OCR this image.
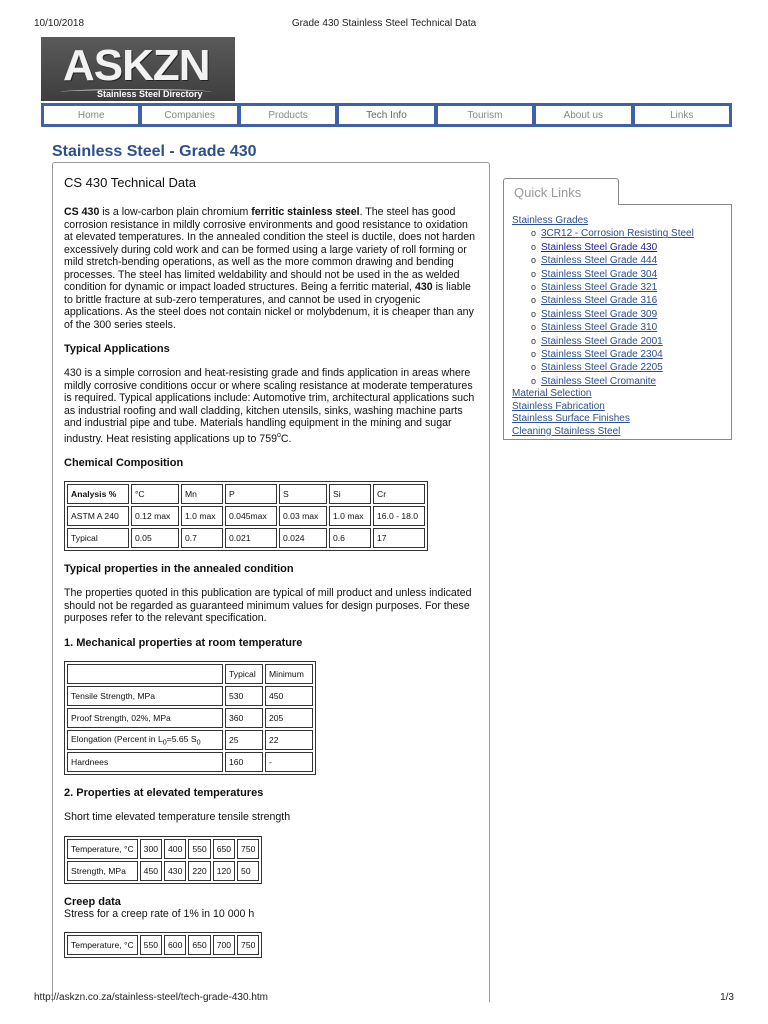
10/10/2018	Grade 430 Stainless Steel Technical Data
ASKZN
Stainless Steel Directory
Home	Companies	Products	Tech Info	Tourism	About us	Links
Stainless Steel - Grade 430
CS 430 Technical Data

CS 430 is a low-carbon plain chromium ferritic stainless steel. The steel has good corrosion resistance in mildly corrosive environments and good resistance to oxidation at elevated temperatures. In the annealed condition the steel is ductile, does not harden excessively during cold work and can be formed using a large variety of roll forming or mild stretch-bending operations, as well as the more common drawing and bending processes. The steel has limited weldability and should not be used in the as welded condition for dynamic or impact loaded structures. Being a ferritic material, 430 is liable to brittle fracture at sub-zero temperatures, and cannot be used in cryogenic applications. As the steel does not contain nickel or molybdenum, it is cheaper than any of the 300 series steels.

Typical Applications

430 is a simple corrosion and heat-resisting grade and finds application in areas where mildly corrosive conditions occur or where scaling resistance at moderate temperatures is required. Typical applications include: Automotive trim, architectural applications such as industrial roofing and wall cladding, kitchen utensils, sinks, washing machine parts and industrial pipe and tube. Materials handling equipment in the mining and sugar industry. Heat resisting applications up to 759$^o$C.

Chemical Composition
Analysis %	°C	Mn	P	S	Si	Cr
ASTM A 240	0.12 max	1.0 max	0.045max	0.03 max	1.0 max	16.0 - 18.0
Typical	0.05	0.7	0.021	0.024	0.6	17
Typical properties in the annealed condition

The properties quoted in this publication are typical of mill product and unless indicated should not be regarded as guaranteed minimum values for design purposes. For these purposes refer to the relevant specification.

1. Mechanical properties at room temperature
	Typical	Minimum
Tensile Strength, MPa	530	450
Proof Strength, 02%, MPa	360	205
Elongation (Percent in $L_0=5.65$ $S_0$	25	22
Hardnees	160	-
2. Properties at elevated temperatures

Short time elevated temperature tensile strength

Temperature, °C	300	400	550	650	750
Strength, MPa	450	430	220	120	50
Creep data

Stress for a creep rate of 1% in 10 000 h

Temperature, °C	550	600	650	700	750
Quick Links
Stainless Grades
o 3CR12 - Corrosion Resisting Steel
o Stainless Steel Grade 430
o Stainless Steel Grade 444
o Stainless Steel Grade 304
o Stainless Steel Grade 321
o Stainless Steel Grade 316
o Stainless Steel Grade 309
o Stainless Steel Grade 310
o Stainless Steel Grade 2001
o Stainless Steel Grade 2304
o Stainless Steel Grade 2205
o Stainless Steel Cromanite
Material Selection
Stainless Fabrication
Stainless Surface Finishes
Cleaning Stainless Steel
http://askzn.co.za/stainless-steel/tech-grade-430.htm	1/3
